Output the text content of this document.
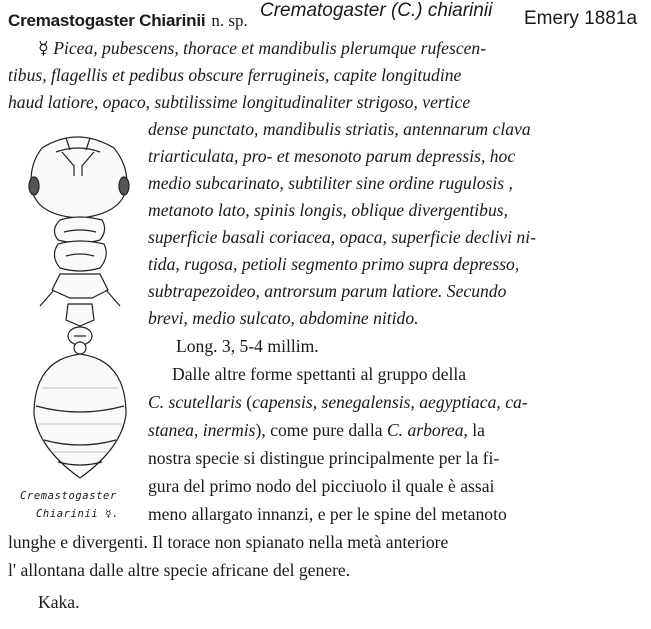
Cremastogaster Chiarinii n. sp. Crematogaster (C.) chiarinii Emery 1881a
☿ Picea, pubescens, thorace et mandibulis plerumque rufescen-
tibus, flagellis et pedibus obscure ferrugineis, capite longitudine
haud latiore, opaco, subtilissime longitudinaliter strigoso, vertice
dense punctato, mandibulis striatis, antennarum clava
triarticulata, pro- et mesonoto parum depressis, hoc
medio subcarinato, subtiliter sine ordine rugulosis ,
metanoto lato, spinis longis, oblique divergentibus,
superficie basali coriacea, opaca, superficie declivi ni-
tida, rugosa, petioli segmento primo supra depresso,
subtrapezoideo, antrorsum parum latiore. Secundo
brevi, medio sulcato, abdomine nitido.
Long. 3, 5-4 millim.
Dalle altre forme spettanti al gruppo della
C. scutellaris (capensis, senegalensis, aegyptiaca, ca-
stanea, inermis), come pure dalla C. arborea, la
nostra specie si distingue principalmente per la fi-
gura del primo nodo del picciuolo il quale è assai
meno allargato innanzi, e per le spine del metanoto
lunghe e divergenti. Il torace non spianato nella metà anteriore
l' allontana dalle altre specie africane del genere.
Kaka.
Cremastogaster
Chiarinii ☿.
